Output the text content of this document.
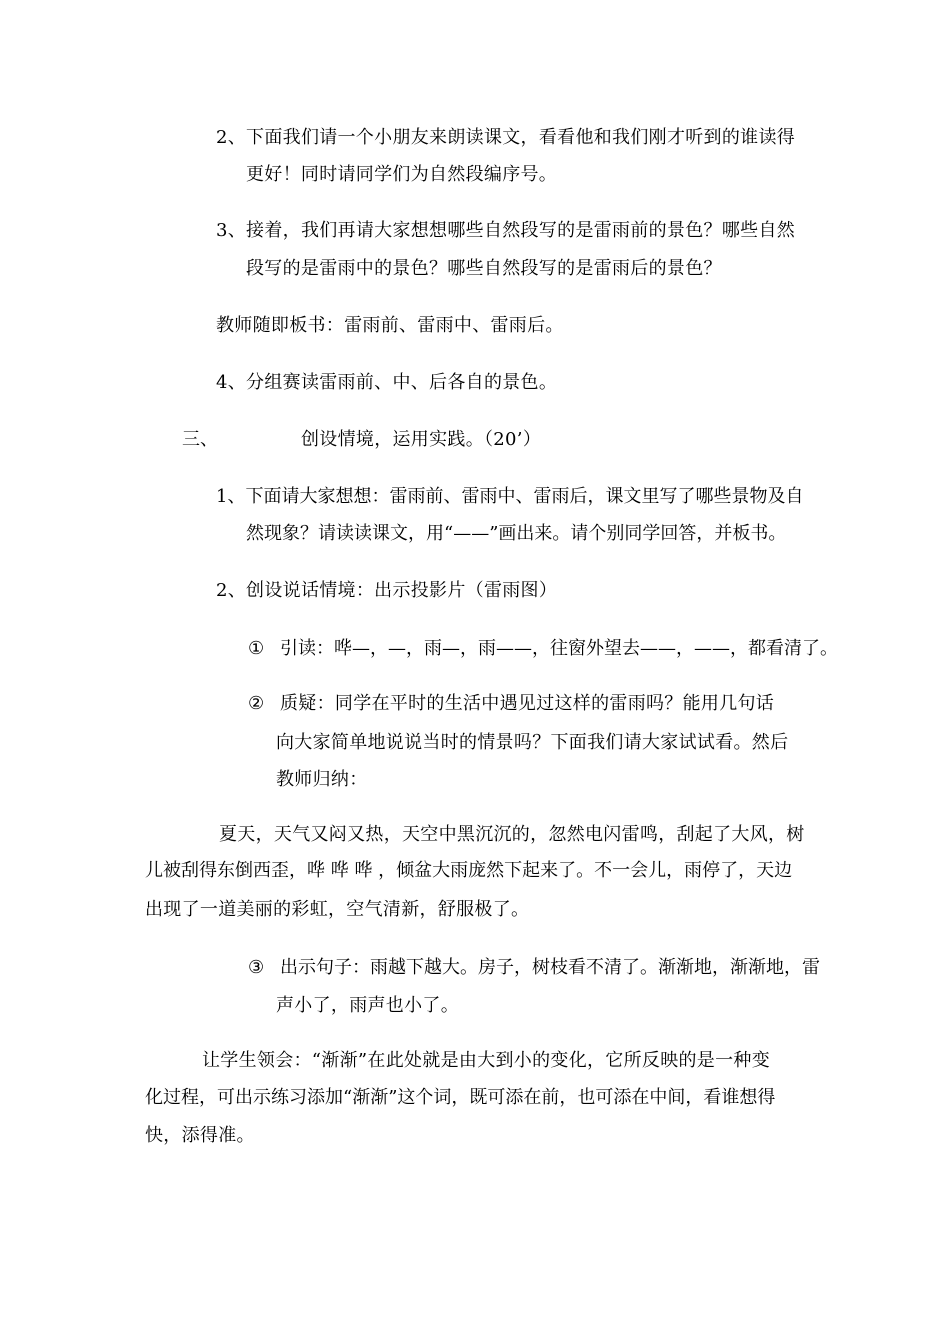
2、下面我们请一个小朋友来朗读课文，看看他和我们刚才听到的谁读得
更好！同时请同学们为自然段编序号。
3、接着，我们再请大家想想哪些自然段写的是雷雨前的景色？哪些自然
段写的是雷雨中的景色？哪些自然段写的是雷雨后的景色？
教师随即板书：雷雨前、雷雨中、雷雨后。
4、分组赛读雷雨前、中、后各自的景色。
三、	创设情境，运用实践。（20’）
1、下面请大家想想：雷雨前、雷雨中、雷雨后，课文里写了哪些景物及自
然现象？请读读课文，用“——”画出来。请个别同学回答，并板书。
2、创设说话情境：出示投影片（雷雨图）
① 引读：哗—，—，雨—，雨——，往窗外望去——，——，都看清了。
② 质疑：同学在平时的生活中遇见过这样的雷雨吗？能用几句话
向大家简单地说说当时的情景吗？下面我们请大家试试看。然后
教师归纳：
夏天，天气又闷又热，天空中黑沉沉的，忽然电闪雷鸣，刮起了大风，树
儿被刮得东倒西歪，哗 哗 哗 ，倾盆大雨庞然下起来了。不一会儿，雨停了，天边
出现了一道美丽的彩虹，空气清新，舒服极了。
③ 出示句子：雨越下越大。房子，树枝看不清了。渐渐地，渐渐地，雷
声小了，雨声也小了。
让学生领会：“渐渐”在此处就是由大到小的变化，它所反映的是一种变
化过程，可出示练习添加“渐渐”这个词，既可添在前，也可添在中间，看谁想得
快，添得准。
